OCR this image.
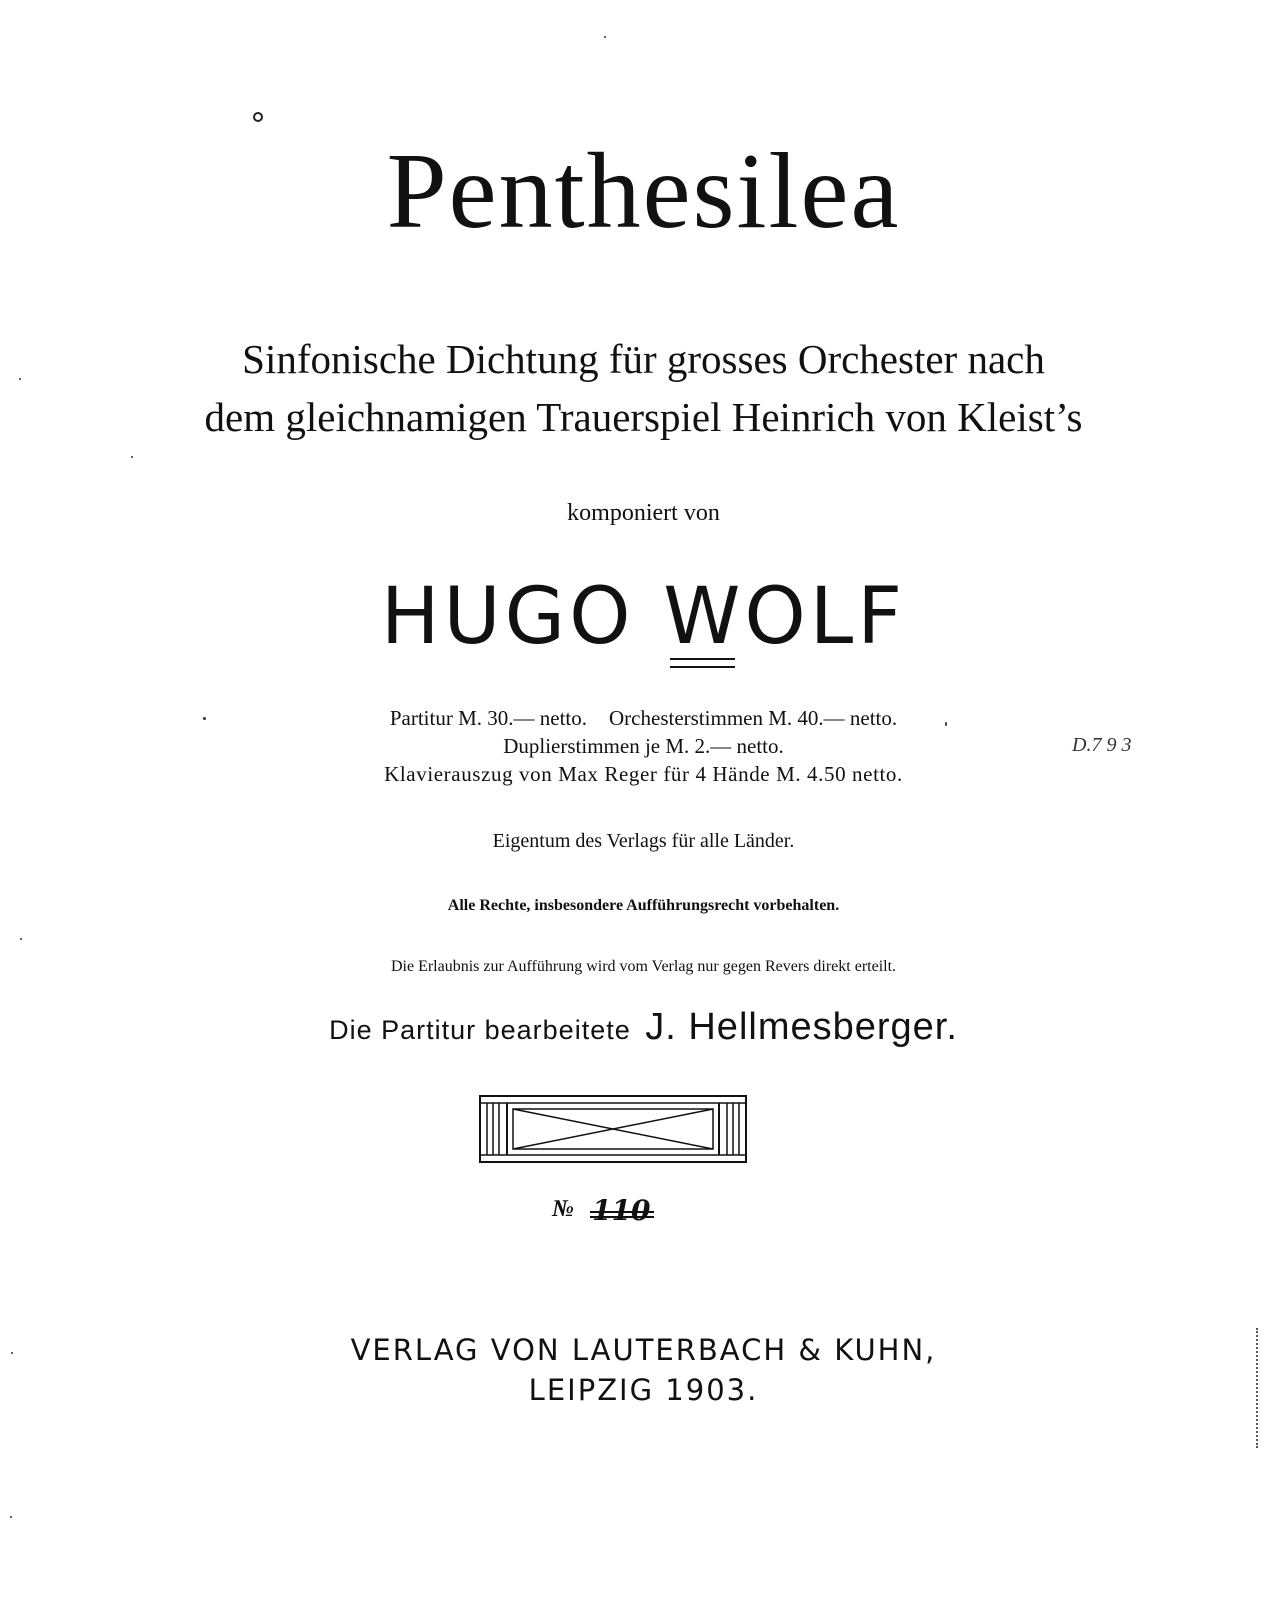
Penthesilea
Sinfonische Dichtung für grosses Orchester nach
dem gleichnamigen Trauerspiel Heinrich von Kleist’s
komponiert von
HUGO WOLF
Partitur M. 30.— netto. Orchesterstimmen M. 40.— netto.
Duplierstimmen je M. 2.— netto.
Klavierauszug von Max Reger für 4 Hände M. 4.50 netto.
D.7 9 3
Eigentum des Verlags für alle Länder.
Alle Rechte, insbesondere Aufführungsrecht vorbehalten.
Die Erlaubnis zur Aufführung wird vom Verlag nur gegen Revers direkt erteilt.
Die Partitur bearbeitete J. Hellmesberger.
№ 110
VERLAG VON LAUTERBACH & KUHN,
LEIPZIG 1903.
